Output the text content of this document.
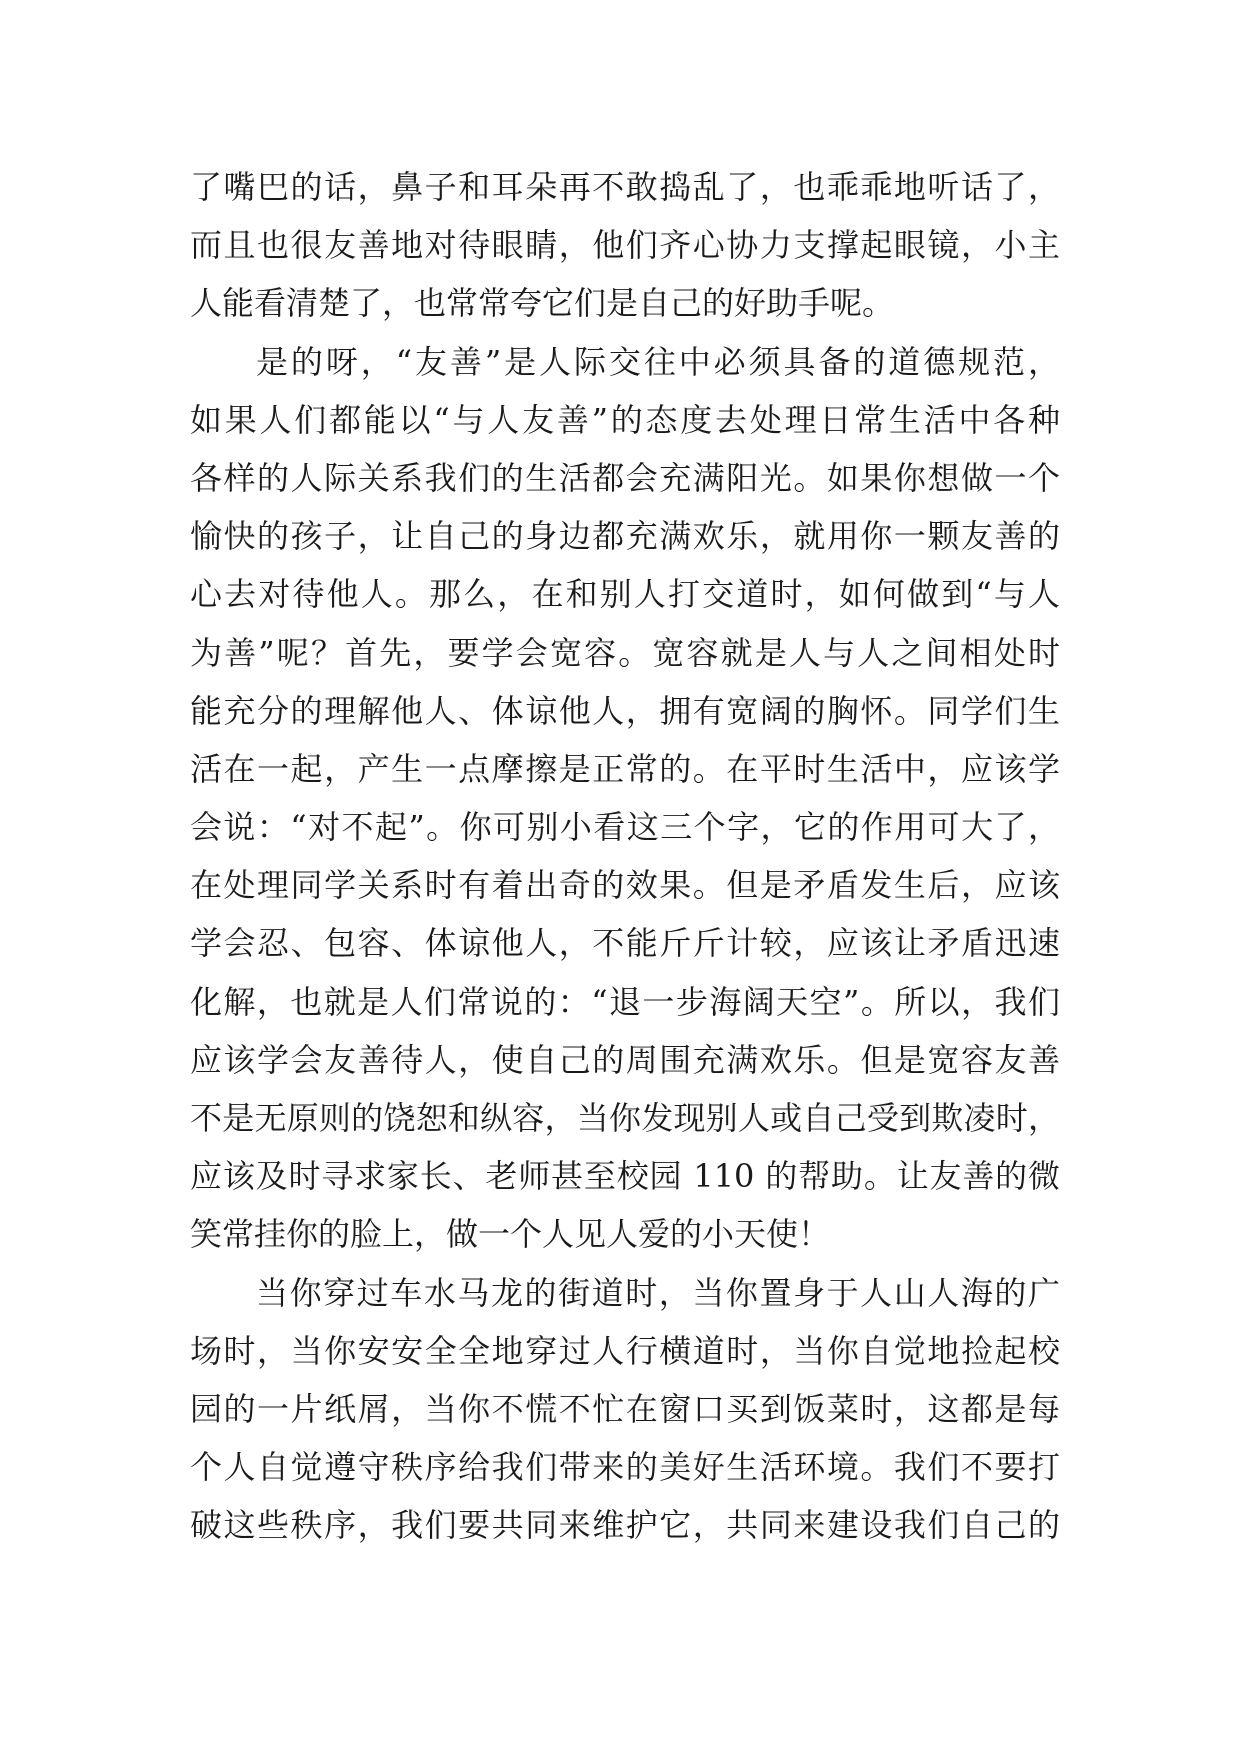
了嘴巴的话，鼻子和耳朵再不敢捣乱了，也乖乖地听话了，
而且也很友善地对待眼睛，他们齐心协力支撑起眼镜，小主
人能看清楚了，也常常夸它们是自己的好助手呢。
是的呀，“友善”是人际交往中必须具备的道德规范，
如果人们都能以“与人友善”的态度去处理日常生活中各种
各样的人际关系我们的生活都会充满阳光。如果你想做一个
愉快的孩子，让自己的身边都充满欢乐，就用你一颗友善的
心去对待他人。那么，在和别人打交道时，如何做到“与人
为善”呢？首先，要学会宽容。宽容就是人与人之间相处时
能充分的理解他人、体谅他人，拥有宽阔的胸怀。同学们生
活在一起，产生一点摩擦是正常的。在平时生活中，应该学
会说：“对不起”。你可别小看这三个字，它的作用可大了，
在处理同学关系时有着出奇的效果。但是矛盾发生后，应该
学会忍、包容、体谅他人，不能斤斤计较，应该让矛盾迅速
化解，也就是人们常说的：“退一步海阔天空”。所以，我们
应该学会友善待人，使自己的周围充满欢乐。但是宽容友善
不是无原则的饶恕和纵容，当你发现别人或自己受到欺凌时，
应该及时寻求家长、老师甚至校园 110 的帮助。让友善的微
笑常挂你的脸上，做一个人见人爱的小天使！
当你穿过车水马龙的街道时，当你置身于人山人海的广
场时，当你安安全全地穿过人行横道时，当你自觉地捡起校
园的一片纸屑，当你不慌不忙在窗口买到饭菜时，这都是每
个人自觉遵守秩序给我们带来的美好生活环境。我们不要打
破这些秩序，我们要共同来维护它，共同来建设我们自己的
